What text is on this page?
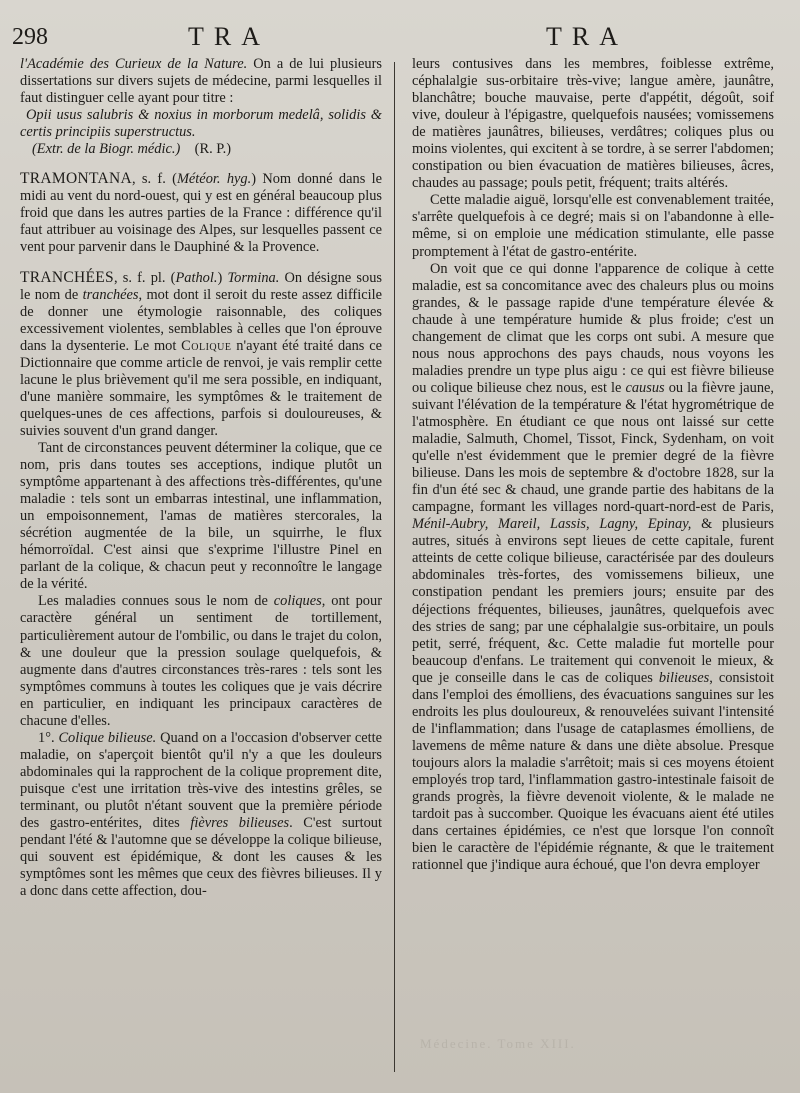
298	TRA	TRA

l'Académie des Curieux de la Nature. On a de lui plusieurs dissertations sur divers sujets de médecine, parmi lesquelles il faut distinguer celle ayant pour titre :

Opii usus salubris & noxius in morborum medelâ, solidis & certis principiis superstructus.

(Extr. de la Biogr. médic.) (R. P.)

TRAMONTANA, s. f. (Météor. hyg.) Nom donné dans le midi au vent du nord-ouest, qui y est en général beaucoup plus froid que dans les autres parties de la France : différence qu'il faut attribuer au voisinage des Alpes, sur lesquelles passent ce vent pour parvenir dans le Dauphiné & la Provence.

TRANCHÉES, s. f. pl. (Pathol.) Tormina. On désigne sous le nom de tranchées, mot dont il seroit du reste assez difficile de donner une étymologie raisonnable, des coliques excessivement violentes, semblables à celles que l'on éprouve dans la dysenterie. Le mot Colique n'ayant été traité dans ce Dictionnaire que comme article de renvoi, je vais remplir cette lacune le plus brièvement qu'il me sera possible, en indiquant, d'une manière sommaire, les symptômes & le traitement de quelques-unes de ces affections, parfois si douloureuses, & suivies souvent d'un grand danger.

Tant de circonstances peuvent déterminer la colique, que ce nom, pris dans toutes ses acceptions, indique plutôt un symptôme appartenant à des affections très-différentes, qu'une maladie : tels sont un embarras intestinal, une inflammation, un empoisonnement, l'amas de matières stercorales, la sécrétion augmentée de la bile, un squirrhe, le flux hémorroïdal. C'est ainsi que s'exprime l'illustre Pinel en parlant de la colique, & chacun peut y reconnoître le langage de la vérité.

Les maladies connues sous le nom de coliques, ont pour caractère général un sentiment de tortillement, particulièrement autour de l'ombilic, ou dans le trajet du colon, & une douleur que la pression soulage quelquefois, & augmente dans d'autres circonstances très-rares : tels sont les symptômes communs à toutes les coliques que je vais décrire en particulier, en indiquant les principaux caractères de chacune d'elles.

1°. Colique bilieuse. Quand on a l'occasion d'observer cette maladie, on s'aperçoit bientôt qu'il n'y a que les douleurs abdominales qui la rapprochent de la colique proprement dite, puisque c'est une irritation très-vive des intestins grêles, se terminant, ou plutôt n'étant souvent que la première période des gastro-entérites, dites fièvres bilieuses. C'est surtout pendant l'été & l'automne que se développe la colique bilieuse, qui souvent est épidémique, & dont les causes & les symptômes sont les mêmes que ceux des fièvres bilieuses. Il y a donc dans cette affection, dou-

leurs contusives dans les membres, foiblesse extrême, céphalalgie sus-orbitaire très-vive; langue amère, jaunâtre, blanchâtre; bouche mauvaise, perte d'appétit, dégoût, soif vive, douleur à l'épigastre, quelquefois nausées; vomissemens de matières jaunâtres, bilieuses, verdâtres; coliques plus ou moins violentes, qui excitent à se tordre, à se serrer l'abdomen; constipation ou bien évacuation de matières bilieuses, âcres, chaudes au passage; pouls petit, fréquent; traits altérés.

Cette maladie aiguë, lorsqu'elle est convenablement traitée, s'arrête quelquefois à ce degré; mais si on l'abandonne à elle-même, si on emploie une médication stimulante, elle passe promptement à l'état de gastro-entérite.

On voit que ce qui donne l'apparence de colique à cette maladie, est sa concomitance avec des chaleurs plus ou moins grandes, & le passage rapide d'une température élevée & chaude à une température humide & plus froide; c'est un changement de climat que les corps ont subi. A mesure que nous nous approchons des pays chauds, nous voyons les maladies prendre un type plus aigu : ce qui est fièvre bilieuse ou colique bilieuse chez nous, est le causus ou la fièvre jaune, suivant l'élévation de la température & l'état hygrométrique de l'atmosphère. En étudiant ce que nous ont laissé sur cette maladie, Salmuth, Chomel, Tissot, Finck, Sydenham, on voit qu'elle n'est évidemment que le premier degré de la fièvre bilieuse. Dans les mois de septembre & d'octobre 1828, sur la fin d'un été sec & chaud, une grande partie des habitans de la campagne, formant les villages nord-quart-nord-est de Paris, Ménil-Aubry, Mareil, Lassis, Lagny, Epinay, & plusieurs autres, situés à environs sept lieues de cette capitale, furent atteints de cette colique bilieuse, caractérisée par des douleurs abdominales très-fortes, des vomissemens bilieux, une constipation pendant les premiers jours; ensuite par des déjections fréquentes, bilieuses, jaunâtres, quelquefois avec des stries de sang; par une céphalalgie sus-orbitaire, un pouls petit, serré, fréquent, &c. Cette maladie fut mortelle pour beaucoup d'enfans. Le traitement qui convenoit le mieux, & que je conseille dans le cas de coliques bilieuses, consistoit dans l'emploi des émolliens, des évacuations sanguines sur les endroits les plus douloureux, & renouvelées suivant l'intensité de l'inflammation; dans l'usage de cataplasmes émolliens, de lavemens de même nature & dans une diète absolue. Presque toujours alors la maladie s'arrêtoit; mais si ces moyens étoient employés trop tard, l'inflammation gastro-intestinale faisoit de grands progrès, la fièvre devenoit violente, & le malade ne tardoit pas à succomber. Quoique les évacuans aient été utiles dans certaines épidémies, ce n'est que lorsque l'on connoît bien le caractère de l'épidémie régnante, & que le traitement rationnel que j'indique aura échoué, que l'on devra employer

Médecine. Tome XIII.
